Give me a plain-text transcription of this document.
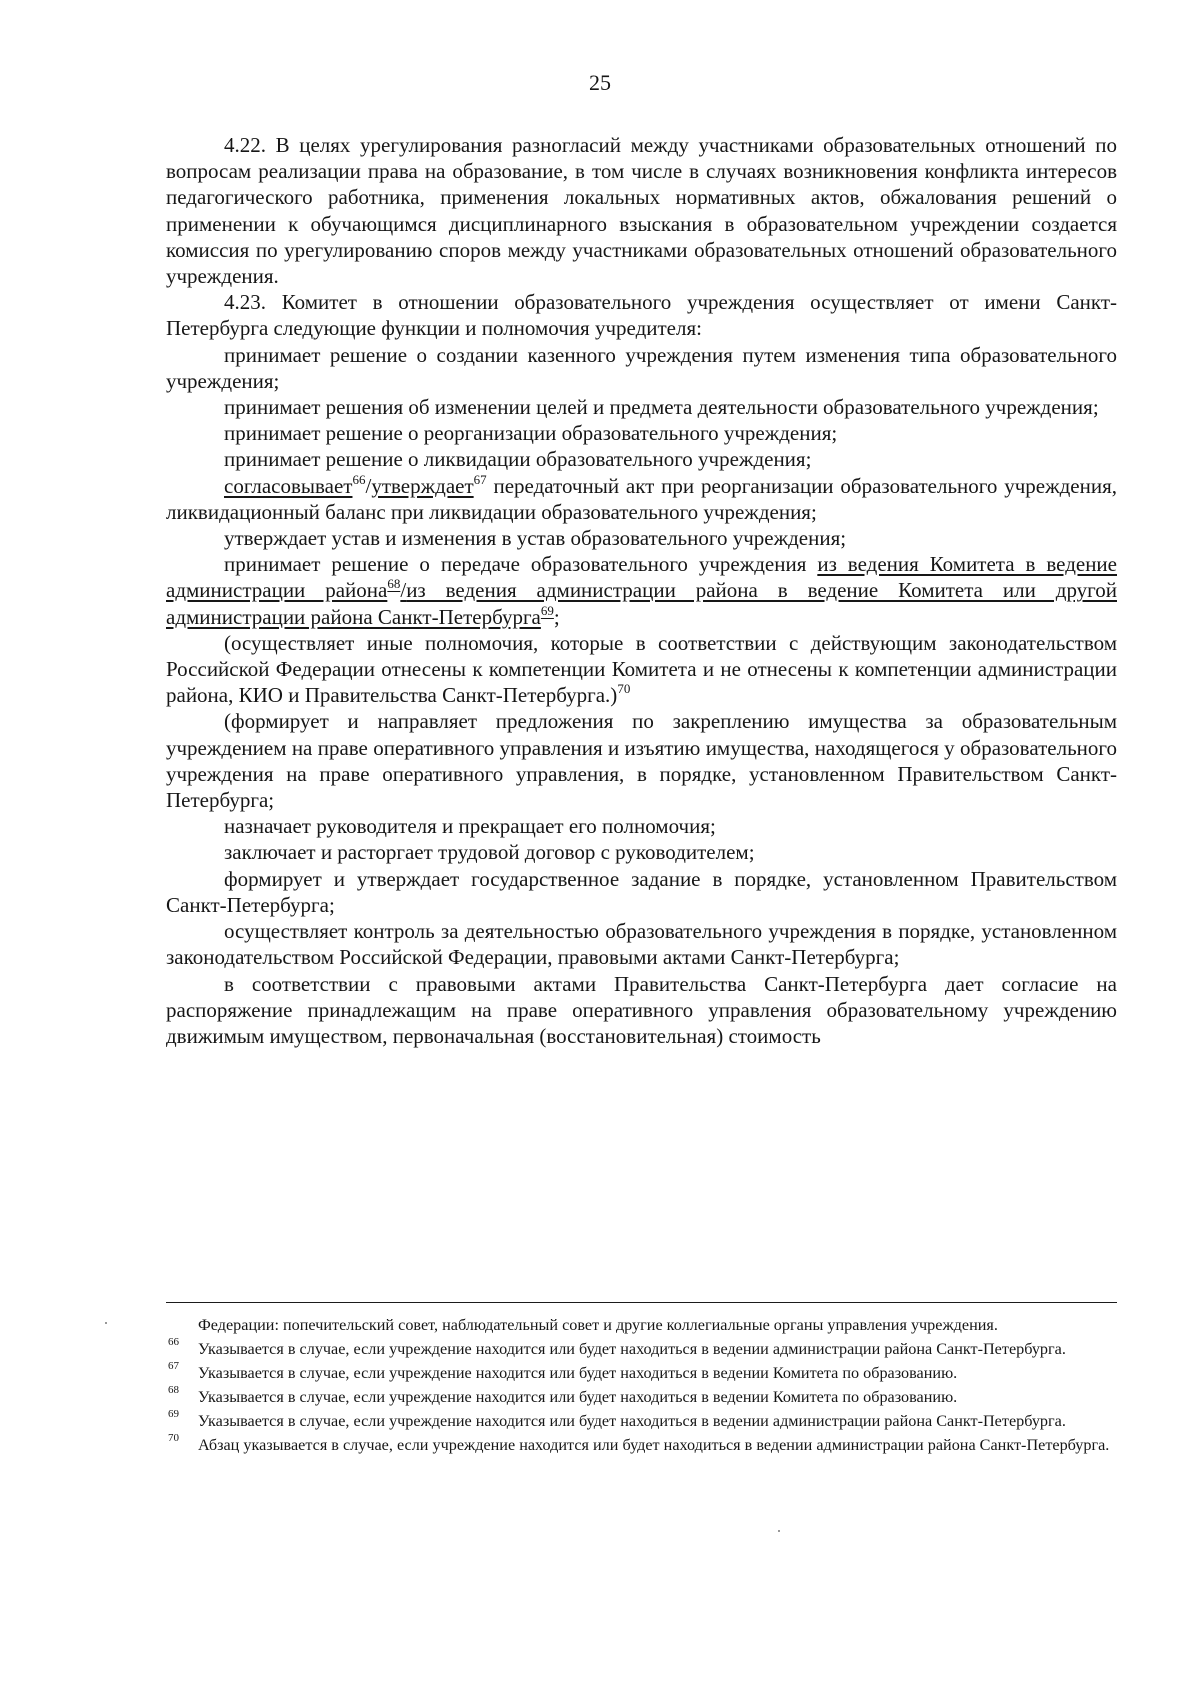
25

4.22. В целях урегулирования разногласий между участниками образовательных отношений по вопросам реализации права на образование, в том числе в случаях возникновения конфликта интересов педагогического работника, применения локальных нормативных актов, обжалования решений о применении к обучающимся дисциплинарного взыскания в образовательном учреждении создается комиссия по урегулированию споров между участниками образовательных отношений образовательного учреждения.

4.23. Комитет в отношении образовательного учреждения осуществляет от имени Санкт-Петербурга следующие функции и полномочия учредителя:

принимает решение о создании казенного учреждения путем изменения типа образовательного учреждения;

принимает решения об изменении целей и предмета деятельности образовательного учреждения;

принимает решение о реорганизации образовательного учреждения;

принимает решение о ликвидации образовательного учреждения;

согласовывает$^{66}$/утверждает$^{67}$ передаточный акт при реорганизации образовательного учреждения, ликвидационный баланс при ликвидации образовательного учреждения;

утверждает устав и изменения в устав образовательного учреждения;

принимает решение о передаче образовательного учреждения из ведения Комитета в ведение администрации района$^{68}$/из ведения администрации района в ведение Комитета или другой администрации района Санкт-Петербурга$^{69}$;

(осуществляет иные полномочия, которые в соответствии с действующим законодательством Российской Федерации отнесены к компетенции Комитета и не отнесены к компетенции администрации района, КИО и Правительства Санкт-Петербурга.)$^{70}$

(формирует и направляет предложения по закреплению имущества за образовательным учреждением на праве оперативного управления и изъятию имущества, находящегося у образовательного учреждения на праве оперативного управления, в порядке, установленном Правительством Санкт-Петербурга;

назначает руководителя и прекращает его полномочия;

заключает и расторгает трудовой договор с руководителем;

формирует и утверждает государственное задание в порядке, установленном Правительством Санкт-Петербурга;

осуществляет контроль за деятельностью образовательного учреждения в порядке, установленном законодательством Российской Федерации, правовыми актами Санкт-Петербурга;

в соответствии с правовыми актами Правительства Санкт-Петербурга дает согласие на распоряжение принадлежащим на праве оперативного управления образовательному учреждению движимым имуществом, первоначальная (восстановительная) стоимость

Федерации: попечительский совет, наблюдательный совет и другие коллегиальные органы управления учреждения.
66 Указывается в случае, если учреждение находится или будет находиться в ведении администрации района Санкт-Петербурга.
67 Указывается в случае, если учреждение находится или будет находиться в ведении Комитета по образованию.
68 Указывается в случае, если учреждение находится или будет находиться в ведении Комитета по образованию.
69 Указывается в случае, если учреждение находится или будет находиться в ведении администрации района Санкт-Петербурга.
70 Абзац указывается в случае, если учреждение находится или будет находиться в ведении администрации района Санкт-Петербурга.
